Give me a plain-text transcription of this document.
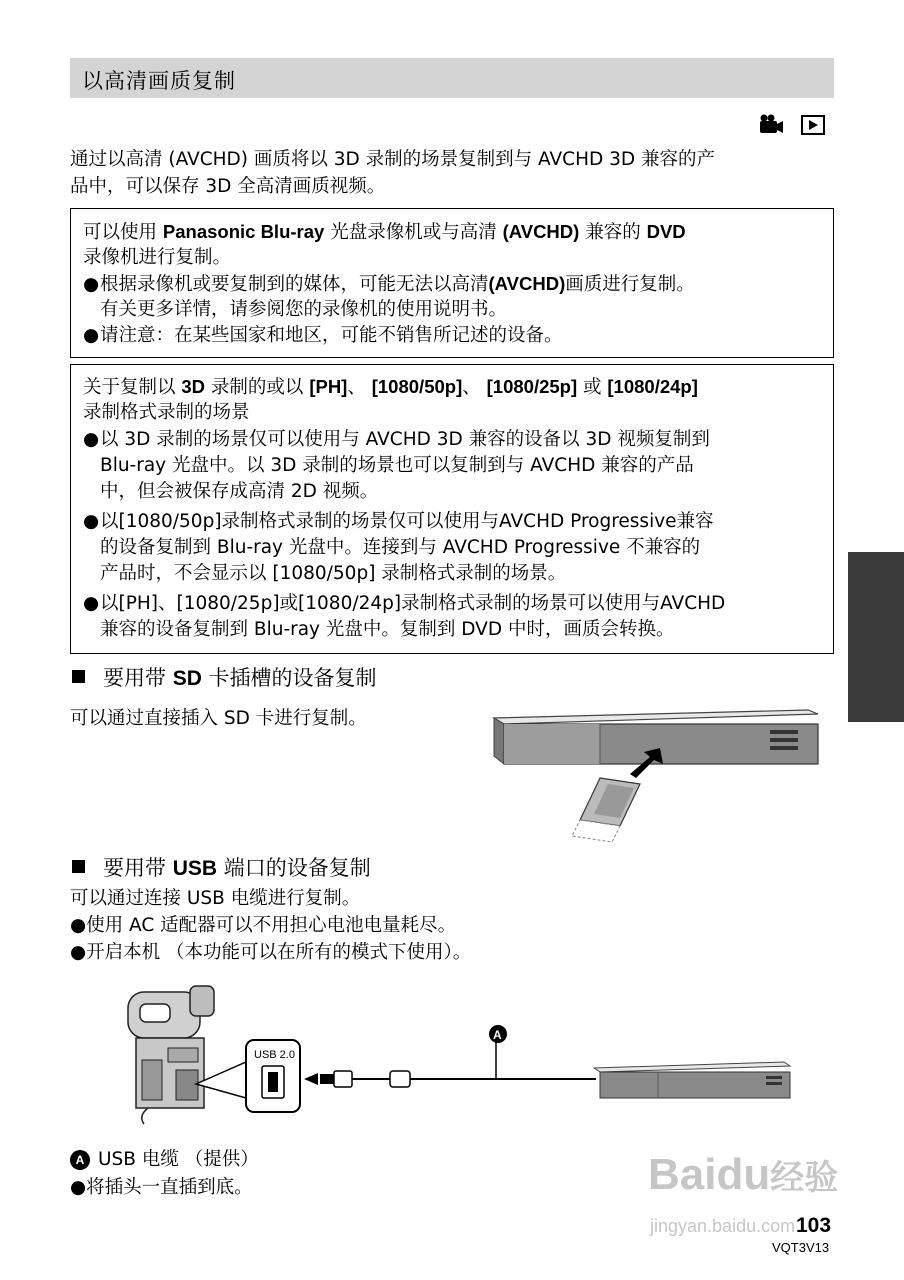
以高清画质复制
通过以高清 (AVCHD) 画质将以 3D 录制的场景复制到与 AVCHD 3D 兼容的产
品中，可以保存 3D 全高清画质视频。
可以使用 Panasonic Blu-ray 光盘录像机或与高清 (AVCHD) 兼容的 DVD
录像机进行复制。
●根据录像机或要复制到的媒体，可能无法以高清(AVCHD)画质进行复制。
有关更多详情，请参阅您的录像机的使用说明书。
●请注意：在某些国家和地区，可能不销售所记述的设备。
关于复制以 3D 录制的或以 [PH]、 [1080/50p]、 [1080/25p] 或 [1080/24p]
录制格式录制的场景
●以 3D 录制的场景仅可以使用与 AVCHD 3D 兼容的设备以 3D 视频复制到
Blu-ray 光盘中。以 3D 录制的场景也可以复制到与 AVCHD 兼容的产品
中，但会被保存成高清 2D 视频。
●以[1080/50p]录制格式录制的场景仅可以使用与AVCHD Progressive兼容
的设备复制到 Blu-ray 光盘中。连接到与 AVCHD Progressive 不兼容的
产品时，不会显示以 [1080/50p] 录制格式录制的场景。
●以[PH]、[1080/25p]或[1080/24p]录制格式录制的场景可以使用与AVCHD
兼容的设备复制到 Blu-ray 光盘中。复制到 DVD 中时，画质会转换。
要用带 SD 卡插槽的设备复制
可以通过直接插入 SD 卡进行复制。
要用带 USB 端口的设备复制
可以通过连接 USB 电缆进行复制。
●使用 AC 适配器可以不用担心电池电量耗尽。
●开启本机 （本功能可以在所有的模式下使用）。
USB 2.0
A
A USB 电缆 （提供）
●将插头一直插到底。	Baidu经验
jingyan.baidu.com 103
VQT3V13
